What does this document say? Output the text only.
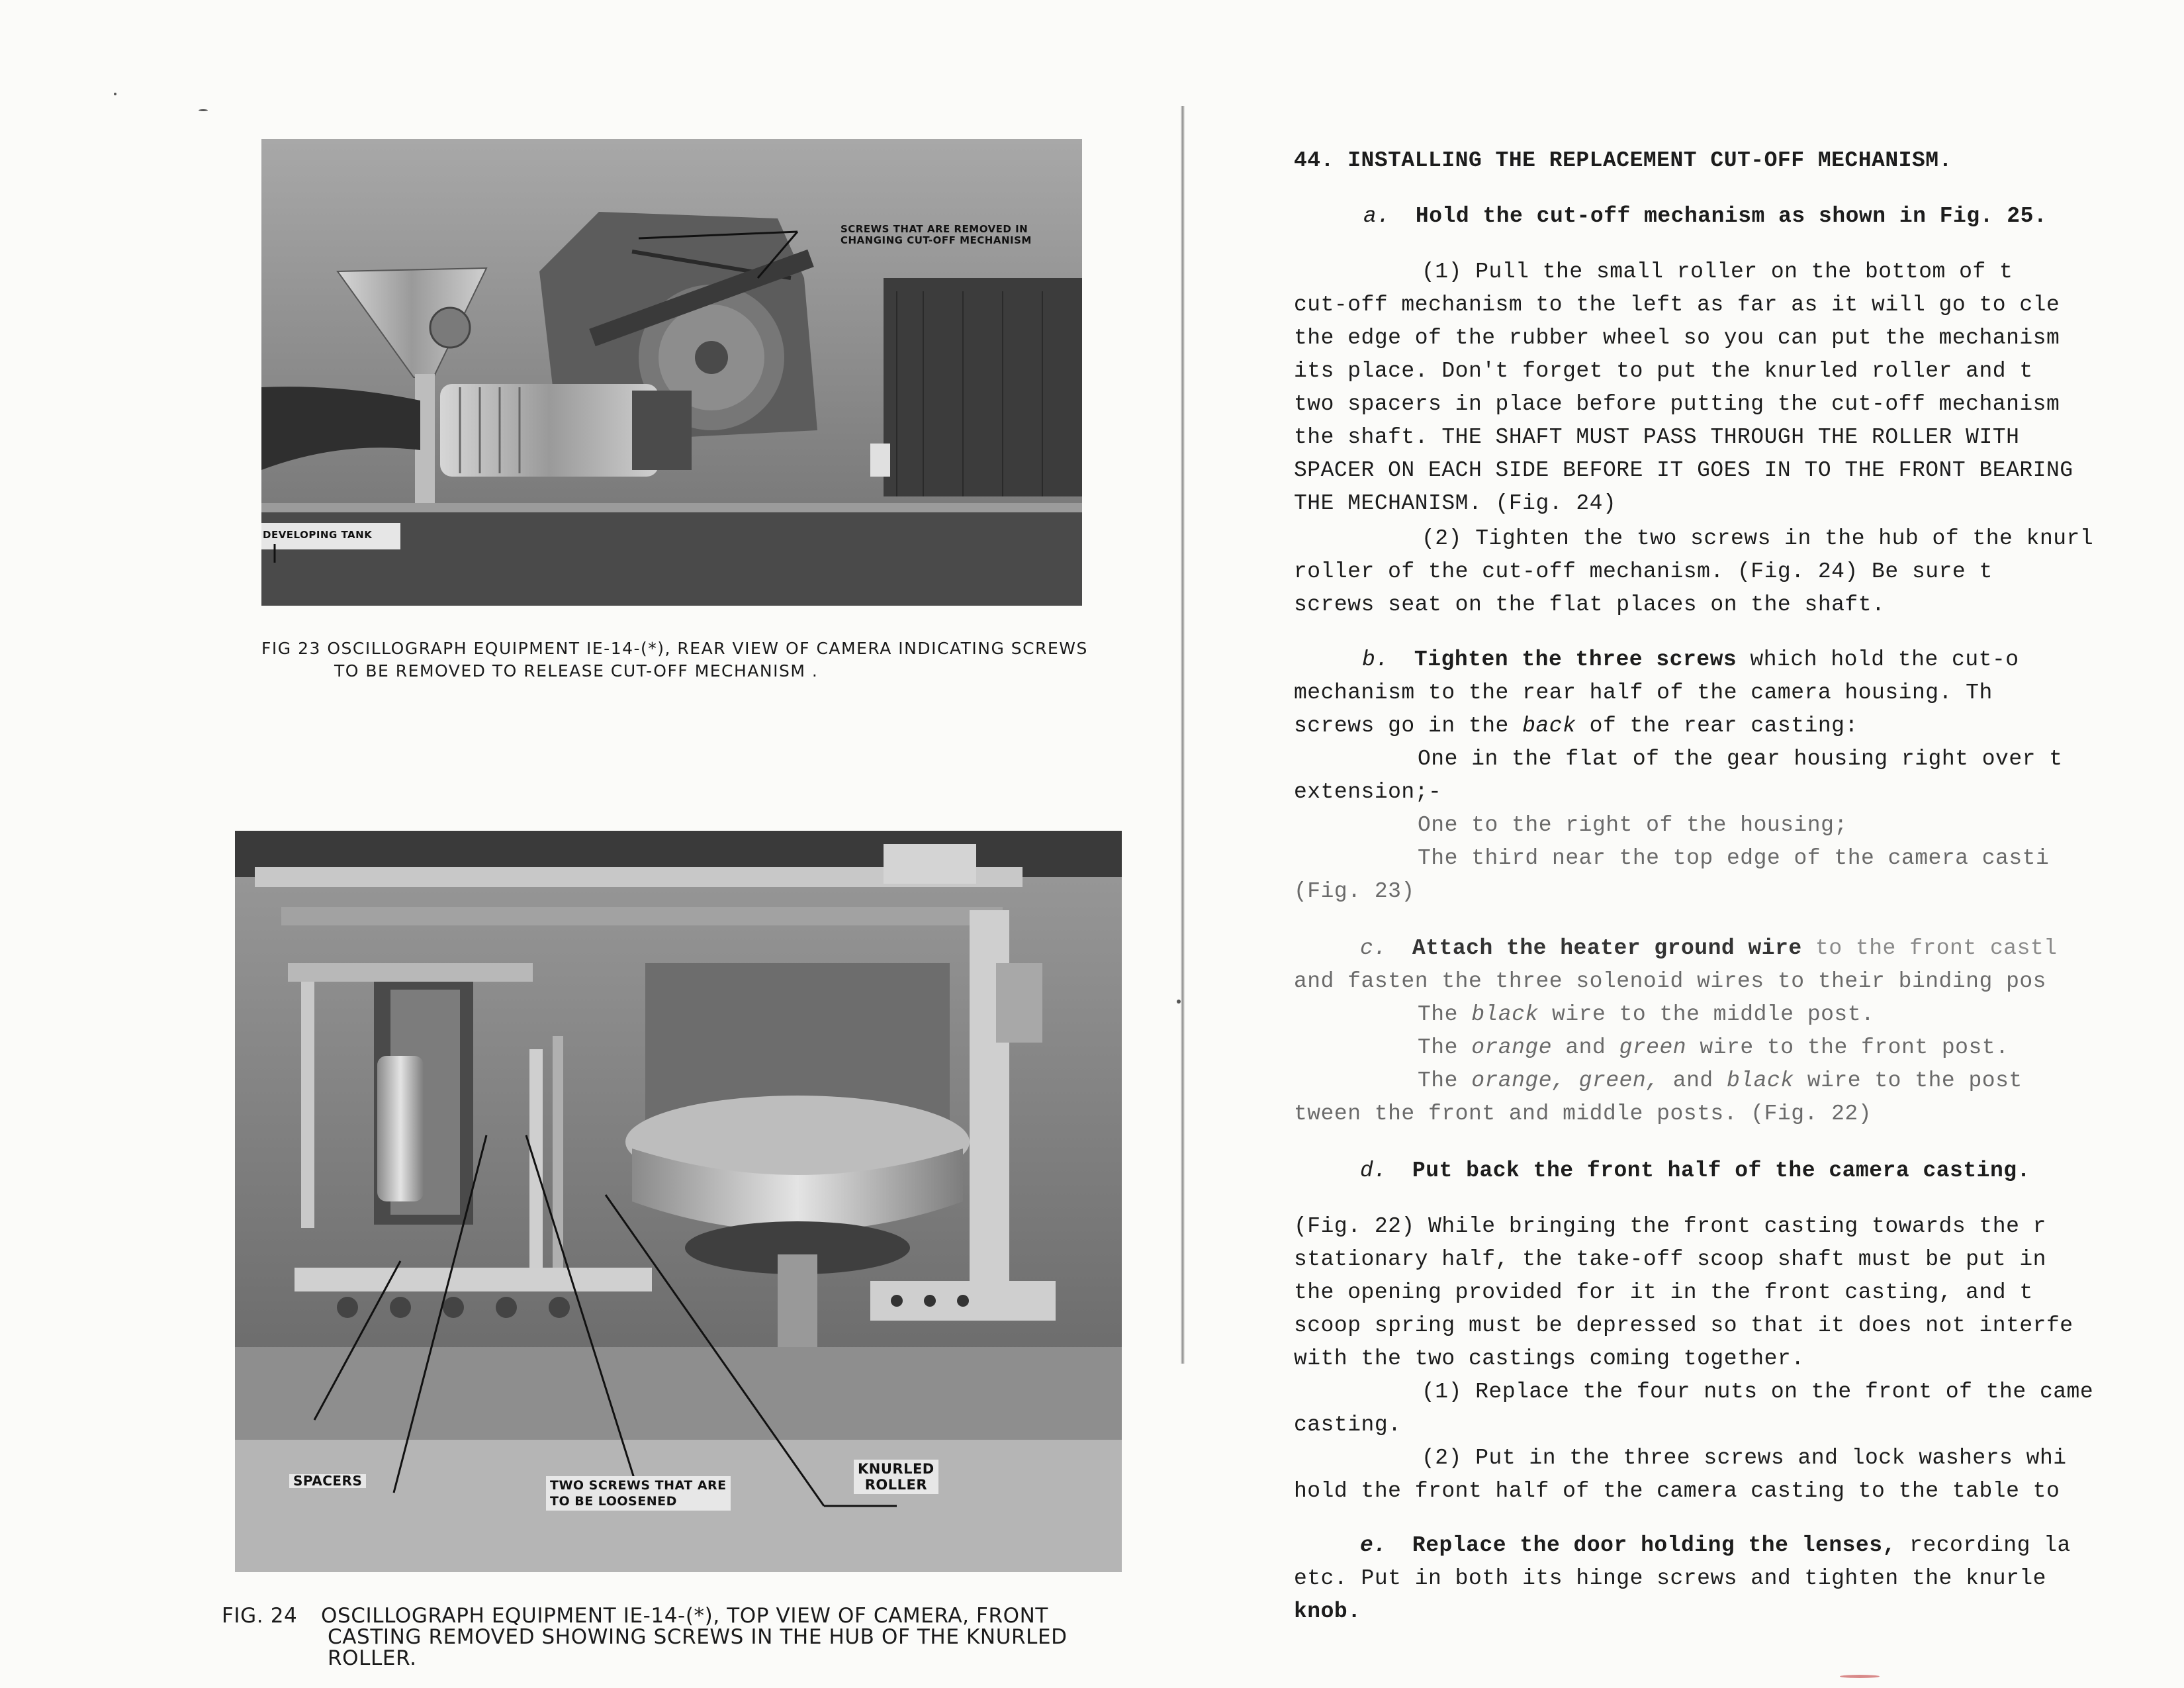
SCREWS THAT ARE REMOVED IN CHANGING CUT-OFF MECHANISM
DEVELOPING TANK
FIG 23 OSCILLOGRAPH EQUIPMENT IE-14-(*), REAR VIEW OF CAMERA INDICATING SCREWS
TO BE REMOVED TO RELEASE CUT-OFF MECHANISM .
SPACERS	TWO SCREWS THAT ARE
TO BE LOOSENED
KNURLED
ROLLER
FIG. 24 OSCILLOGRAPH EQUIPMENT IE-14-(*), TOP VIEW OF CAMERA, FRONT
CASTING REMOVED SHOWING SCREWS IN THE HUB OF THE KNURLED
ROLLER.
44. INSTALLING THE REPLACEMENT CUT-OFF MECHANISM.
a. Hold the cut-off mechanism as shown in Fig. 25.
(1) Pull the small roller on the bottom of t
cut-off mechanism to the left as far as it will go to cle
the edge of the rubber wheel so you can put the mechanism
its place. Don't forget to put the knurled roller and t
two spacers in place before putting the cut-off mechanism
the shaft. THE SHAFT MUST PASS THROUGH THE ROLLER WITH
SPACER ON EACH SIDE BEFORE IT GOES IN TO THE FRONT BEARING
THE MECHANISM. (Fig. 24)
(2) Tighten the two screws in the hub of the knurl
roller of the cut-off mechanism. (Fig. 24) Be sure t
screws seat on the flat places on the shaft.
b. Tighten the three screws which hold the cut-o
mechanism to the rear half of the camera housing. Th
screws go in the back of the rear casting:
One in the flat of the gear housing right over t
extension;-
One to the right of the housing;
The third near the top edge of the camera casti
(Fig. 23)
c. Attach the heater ground wire to the front castl
and fasten the three solenoid wires to their binding pos
The black wire to the middle post.
The orange and green wire to the front post.
The orange, green, and black wire to the post
tween the front and middle posts. (Fig. 22)
d. Put back the front half of the camera casting.
(Fig. 22) While bringing the front casting towards the r
stationary half, the take-off scoop shaft must be put in
the opening provided for it in the front casting, and t
scoop spring must be depressed so that it does not interfe
with the two castings coming together.
(1) Replace the four nuts on the front of the came
casting.
(2) Put in the three screws and lock washers whi
hold the front half of the camera casting to the table to
e. Replace the door holding the lenses, recording la
etc. Put in both its hinge screws and tighten the knurle
knob.
